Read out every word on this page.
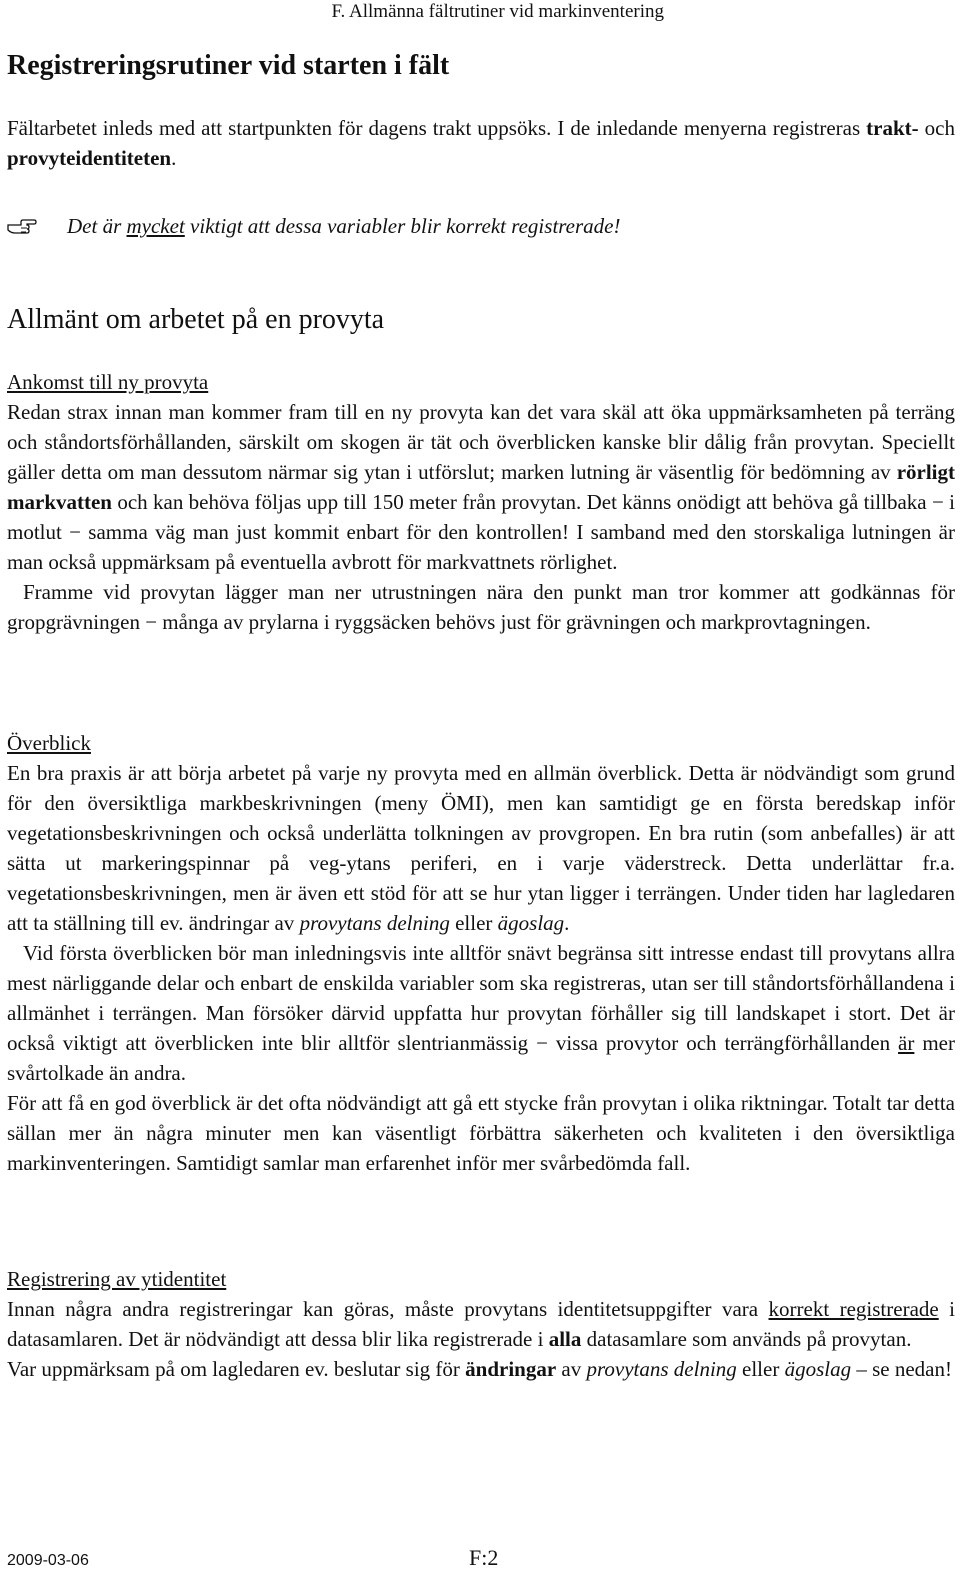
F. Allmänna fältrutiner vid markinventering
Registreringsrutiner vid starten i fält

Fältarbetet inleds med att startpunkten för dagens trakt uppsöks. I de inledande menyerna registreras trakt- och provyteidentiteten.

Det är mycket viktigt att dessa variabler blir korrekt registrerade!
Allmänt om arbetet på en provyta
Ankomst till ny provyta

Redan strax innan man kommer fram till en ny provyta kan det vara skäl att öka uppmärksamheten på terräng och ståndortsförhållanden, särskilt om skogen är tät och överblicken kanske blir dålig från provytan. Speciellt gäller detta om man dessutom närmar sig ytan i utförslut; marken lutning är väsentlig för bedömning av rörligt markvatten och kan behöva följas upp till 150 meter från provytan. Det känns onödigt att behöva gå tillbaka − i motlut − samma väg man just kommit enbart för den kontrollen! I samband med den storskaliga lutningen är man också uppmärksam på eventuella avbrott för markvattnets rörlighet.

Framme vid provytan lägger man ner utrustningen nära den punkt man tror kommer att godkännas för gropgrävningen − många av prylarna i ryggsäcken behövs just för grävningen och markprovtagningen.

Överblick

En bra praxis är att börja arbetet på varje ny provyta med en allmän överblick. Detta är nödvändigt som grund för den översiktliga markbeskrivningen (meny ÖMI), men kan samtidigt ge en första beredskap inför vegetationsbeskrivningen och också underlätta tolkningen av provgropen. En bra rutin (som anbefalles) är att sätta ut markeringspinnar på veg-ytans periferi, en i varje väderstreck. Detta underlättar fr.a. vegetationsbeskrivningen, men är även ett stöd för att se hur ytan ligger i terrängen. Under tiden har lagledaren att ta ställning till ev. ändringar av provytans delning eller ägoslag.

Vid första överblicken bör man inledningsvis inte alltför snävt begränsa sitt intresse endast till provytans allra mest närliggande delar och enbart de enskilda variabler som ska registreras, utan ser till ståndortsförhållandena i allmänhet i terrängen. Man försöker därvid uppfatta hur provytan förhåller sig till landskapet i stort. Det är också viktigt att överblicken inte blir alltför slentrianmässig − vissa provytor och terrängförhållanden är mer svårtolkade än andra.

För att få en god överblick är det ofta nödvändigt att gå ett stycke från provytan i olika riktningar. Totalt tar detta sällan mer än några minuter men kan väsentligt förbättra säkerheten och kvaliteten i den översiktliga markinventeringen. Samtidigt samlar man erfarenhet inför mer svårbedömda fall.

Registrering av ytidentitet

Innan några andra registreringar kan göras, måste provytans identitetsuppgifter vara korrekt registrerade i datasamlaren. Det är nödvändigt att dessa blir lika registrerade i alla datasamlare som används på provytan.

Var uppmärksam på om lagledaren ev. beslutar sig för ändringar av provytans delning eller ägoslag – se nedan!

2009-03-06	F:2
